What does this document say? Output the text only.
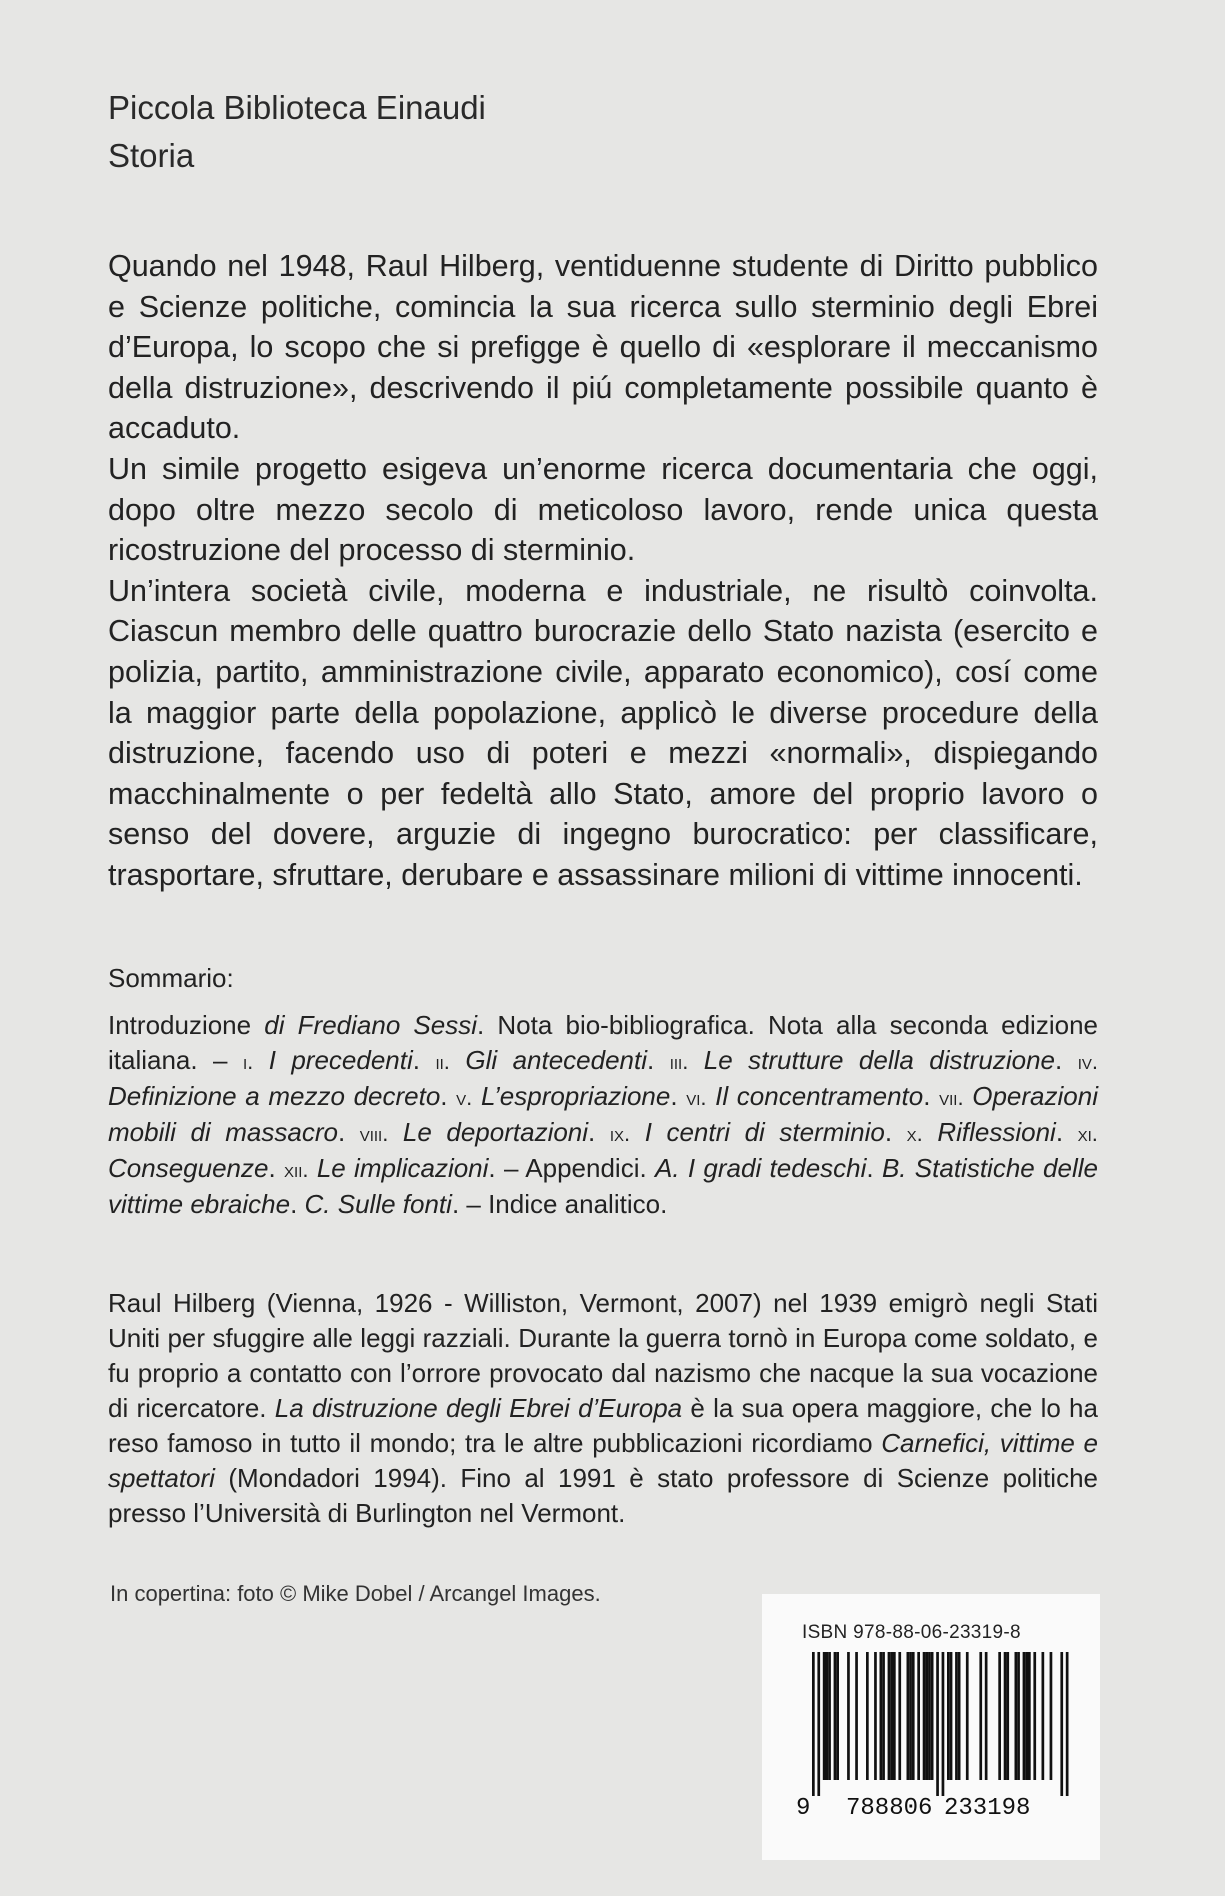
Piccola Biblioteca Einaudi
Storia

Quando nel 1948, Raul Hilberg, ventiduenne studente di Diritto pubblico e Scienze politiche, comincia la sua ricerca sullo sterminio degli Ebrei d’Europa, lo scopo che si prefigge è quello di «esplorare il meccanismo della distruzione», descrivendo il piú completamente possibile quanto è accaduto.

Un simile progetto esigeva un’enorme ricerca documentaria che oggi, dopo oltre mezzo secolo di meticoloso lavoro, rende unica questa ricostruzione del processo di sterminio.

Un’intera società civile, moderna e industriale, ne risultò coinvolta. Ciascun membro delle quattro burocrazie dello Stato nazista (esercito e polizia, partito, amministrazione civile, apparato economico), cosí come la maggior parte della popolazione, applicò le diverse procedure della distruzione, facendo uso di poteri e mezzi «normali», dispiegando macchinalmente o per fedeltà allo Stato, amore del proprio lavoro o senso del dovere, arguzie di ingegno burocratico: per classificare, trasportare, sfruttare, derubare e assassinare milioni di vittime innocenti.

Sommario:

Introduzione di Frediano Sessi. Nota bio-bibliografica. Nota alla seconda edizione italiana. – i. I precedenti. ii. Gli antecedenti. iii. Le strutture della distruzione. iv. Definizione a mezzo decreto. v. L’espropriazione. vi. Il concentramento. vii. Operazioni mobili di massacro. viii. Le deportazioni. ix. I centri di sterminio. x. Riflessioni. xi. Conseguenze. xii. Le implicazioni. – Appendici. A. I gradi tedeschi. B. Statistiche delle vittime ebraiche. C. Sulle fonti. – Indice analitico.

Raul Hilberg (Vienna, 1926 - Williston, Vermont, 2007) nel 1939 emigrò negli Stati Uniti per sfuggire alle leggi razziali. Durante la guerra tornò in Europa come soldato, e fu proprio a contatto con l’orrore provocato dal nazismo che nacque la sua vocazione di ricercatore. La distruzione degli Ebrei d’Europa è la sua opera maggiore, che lo ha reso famoso in tutto il mondo; tra le altre pubblicazioni ricordiamo Carnefici, vittime e spettatori (Mondadori 1994). Fino al 1991 è stato professore di Scienze politiche presso l’Università di Burlington nel Vermont.

In copertina: foto © Mike Dobel / Arcangel Images.
ISBN 978-88-06-23319-8
9 788806 233198
